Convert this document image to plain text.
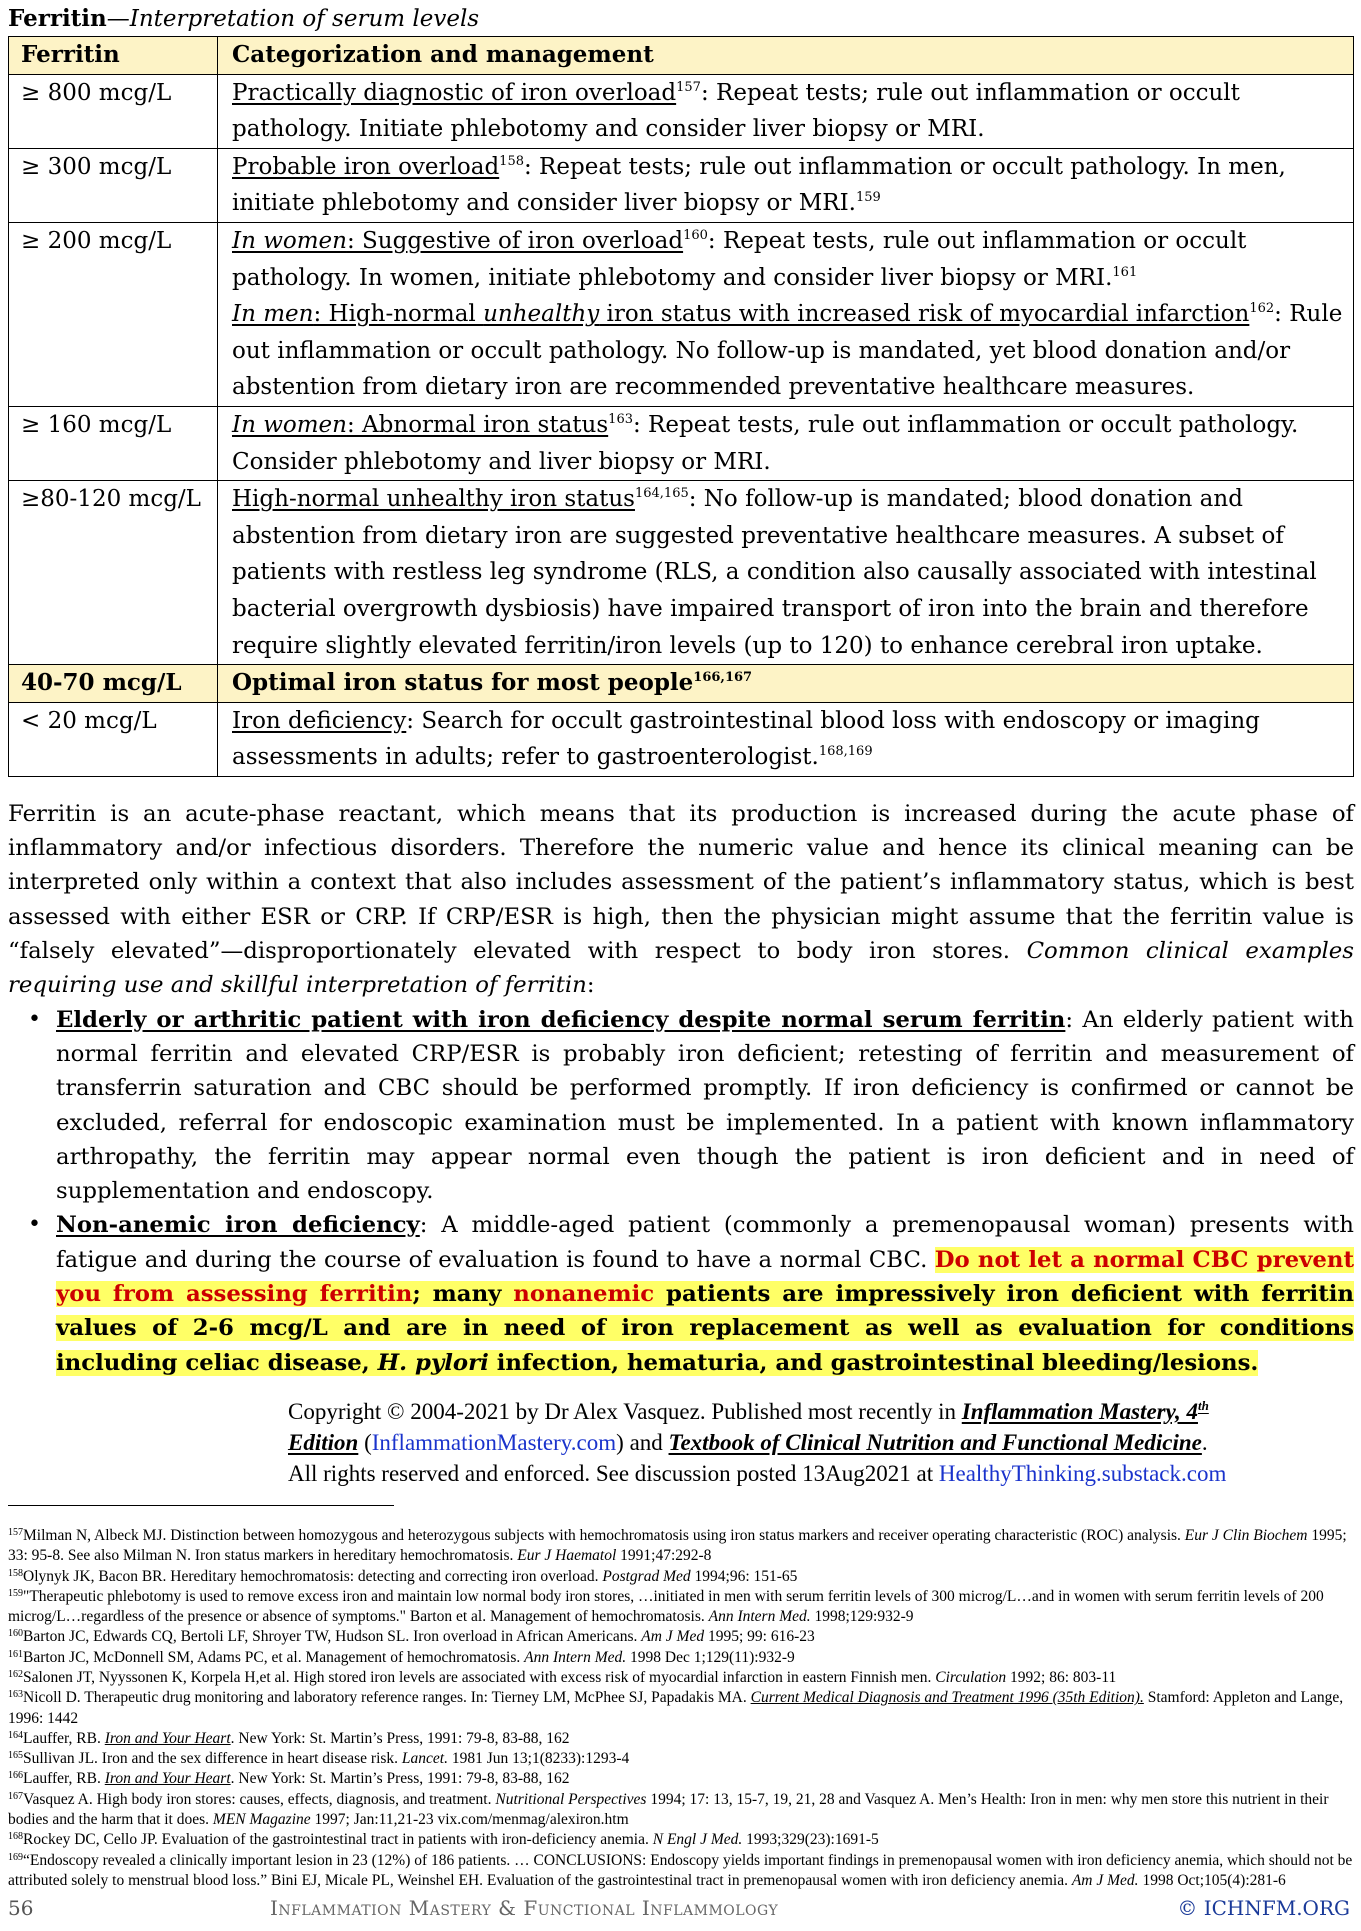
Ferritin—Interpretation of serum levels
Ferritin	Categorization and management
≥ 800 mcg/L	Practically diagnostic of iron overload$^{157}$: Repeat tests; rule out inflammation or occult pathology. Initiate phlebotomy and consider liver biopsy or MRI.
≥ 300 mcg/L	Probable iron overload$^{158}$: Repeat tests; rule out inflammation or occult pathology. In men, initiate phlebotomy and consider liver biopsy or MRI.$^{159}$
≥ 200 mcg/L	In women: Suggestive of iron overload$^{160}$: Repeat tests, rule out inflammation or occult pathology. In women, initiate phlebotomy and consider liver biopsy or MRI.$^{161}$
In men: High-normal unhealthy iron status with increased risk of myocardial infarction$^{162}$: Rule out inflammation or occult pathology. No follow-up is mandated, yet blood donation and/or abstention from dietary iron are recommended preventative healthcare measures.

≥ 160 mcg/L	In women: Abnormal iron status$^{163}$: Repeat tests, rule out inflammation or occult pathology. Consider phlebotomy and liver biopsy or MRI.
≥80-120 mcg/L	High-normal unhealthy iron status$^{164,165}$: No follow-up is mandated; blood donation and abstention from dietary iron are suggested preventative healthcare measures. A subset of patients with restless leg syndrome (RLS, a condition also causally associated with intestinal bacterial overgrowth dysbiosis) have impaired transport of iron into the brain and therefore require slightly elevated ferritin/iron levels (up to 120) to enhance cerebral iron uptake.
40-70 mcg/L	Optimal iron status for most people$^{166,167}$
< 20 mcg/L	Iron deficiency: Search for occult gastrointestinal blood loss with endoscopy or imaging assessments in adults; refer to gastroenterologist.$^{168,169}$
Ferritin is an acute-phase reactant, which means that its production is increased during the acute phase of inflammatory and/or infectious disorders. Therefore the numeric value and hence its clinical meaning can be interpreted only within a context that also includes assessment of the patient’s inflammatory status, which is best assessed with either ESR or CRP. If CRP/ESR is high, then the physician might assume that the ferritin value is “falsely elevated”—disproportionately elevated with respect to body iron stores. Common clinical examples requiring use and skillful interpretation of ferritin:
• Elderly or arthritic patient with iron deficiency despite normal serum ferritin: An elderly patient with normal ferritin and elevated CRP/ESR is probably iron deficient; retesting of ferritin and measurement of transferrin saturation and CBC should be performed promptly. If iron deficiency is confirmed or cannot be excluded, referral for endoscopic examination must be implemented. In a patient with known inflammatory arthropathy, the ferritin may appear normal even though the patient is iron deficient and in need of supplementation and endoscopy.
• Non-anemic iron deficiency: A middle-aged patient (commonly a premenopausal woman) presents with fatigue and during the course of evaluation is found to have a normal CBC. Do not let a normal CBC prevent you from assessing ferritin; many nonanemic patients are impressively iron deficient with ferritin values of 2-6 mcg/L and are in need of iron replacement as well as evaluation for conditions including celiac disease, H. pylori infection, hematuria, and gastrointestinal bleeding/lesions.
Copyright © 2004-2021 by Dr Alex Vasquez. Published most recently in Inflammation Mastery, 4th
Edition (InflammationMastery.com) and Textbook of Clinical Nutrition and Functional Medicine.
All rights reserved and enforced. See discussion posted 13Aug2021 at HealthyThinking.substack.com

$^{157}$Milman N, Albeck MJ. Distinction between homozygous and heterozygous subjects with hemochromatosis using iron status markers and receiver operating characteristic (ROC) analysis. Eur J Clin Biochem 1995; 33: 95-8. See also Milman N. Iron status markers in hereditary hemochromatosis. Eur J Haematol 1991;47:292-8

$^{158}$Olynyk JK, Bacon BR. Hereditary hemochromatosis: detecting and correcting iron overload. Postgrad Med 1994;96: 151-65

$^{159}$"Therapeutic phlebotomy is used to remove excess iron and maintain low normal body iron stores, …initiated in men with serum ferritin levels of 300 microg/L…and in women with serum ferritin levels of 200 microg/L…regardless of the presence or absence of symptoms." Barton et al. Management of hemochromatosis. Ann Intern Med. 1998;129:932-9

$^{160}$Barton JC, Edwards CQ, Bertoli LF, Shroyer TW, Hudson SL. Iron overload in African Americans. Am J Med 1995; 99: 616-23

$^{161}$Barton JC, McDonnell SM, Adams PC, et al. Management of hemochromatosis. Ann Intern Med. 1998 Dec 1;129(11):932-9

$^{162}$Salonen JT, Nyyssonen K, Korpela H,et al. High stored iron levels are associated with excess risk of myocardial infarction in eastern Finnish men. Circulation 1992; 86: 803-11

$^{163}$Nicoll D. Therapeutic drug monitoring and laboratory reference ranges. In: Tierney LM, McPhee SJ, Papadakis MA. Current Medical Diagnosis and Treatment 1996 (35th Edition). Stamford: Appleton and Lange, 1996: 1442

$^{164}$Lauffer, RB. Iron and Your Heart. New York: St. Martin’s Press, 1991: 79-8, 83-88, 162

$^{165}$Sullivan JL. Iron and the sex difference in heart disease risk. Lancet. 1981 Jun 13;1(8233):1293-4

$^{166}$Lauffer, RB. Iron and Your Heart. New York: St. Martin’s Press, 1991: 79-8, 83-88, 162

$^{167}$Vasquez A. High body iron stores: causes, effects, diagnosis, and treatment. Nutritional Perspectives 1994; 17: 13, 15-7, 19, 21, 28 and Vasquez A. Men’s Health: Iron in men: why men store this nutrient in their bodies and the harm that it does. MEN Magazine 1997; Jan:11,21-23 vix.com/menmag/alexiron.htm

$^{168}$Rockey DC, Cello JP. Evaluation of the gastrointestinal tract in patients with iron-deficiency anemia. N Engl J Med. 1993;329(23):1691-5

$^{169}$“Endoscopy revealed a clinically important lesion in 23 (12%) of 186 patients. … CONCLUSIONS: Endoscopy yields important findings in premenopausal women with iron deficiency anemia, which should not be attributed solely to menstrual blood loss.” Bini EJ, Micale PL, Weinshel EH. Evaluation of the gastrointestinal tract in premenopausal women with iron deficiency anemia. Am J Med. 1998 Oct;105(4):281-6

56	Inflammation Mastery & Functional Inflammology	© ICHNFM.ORG
